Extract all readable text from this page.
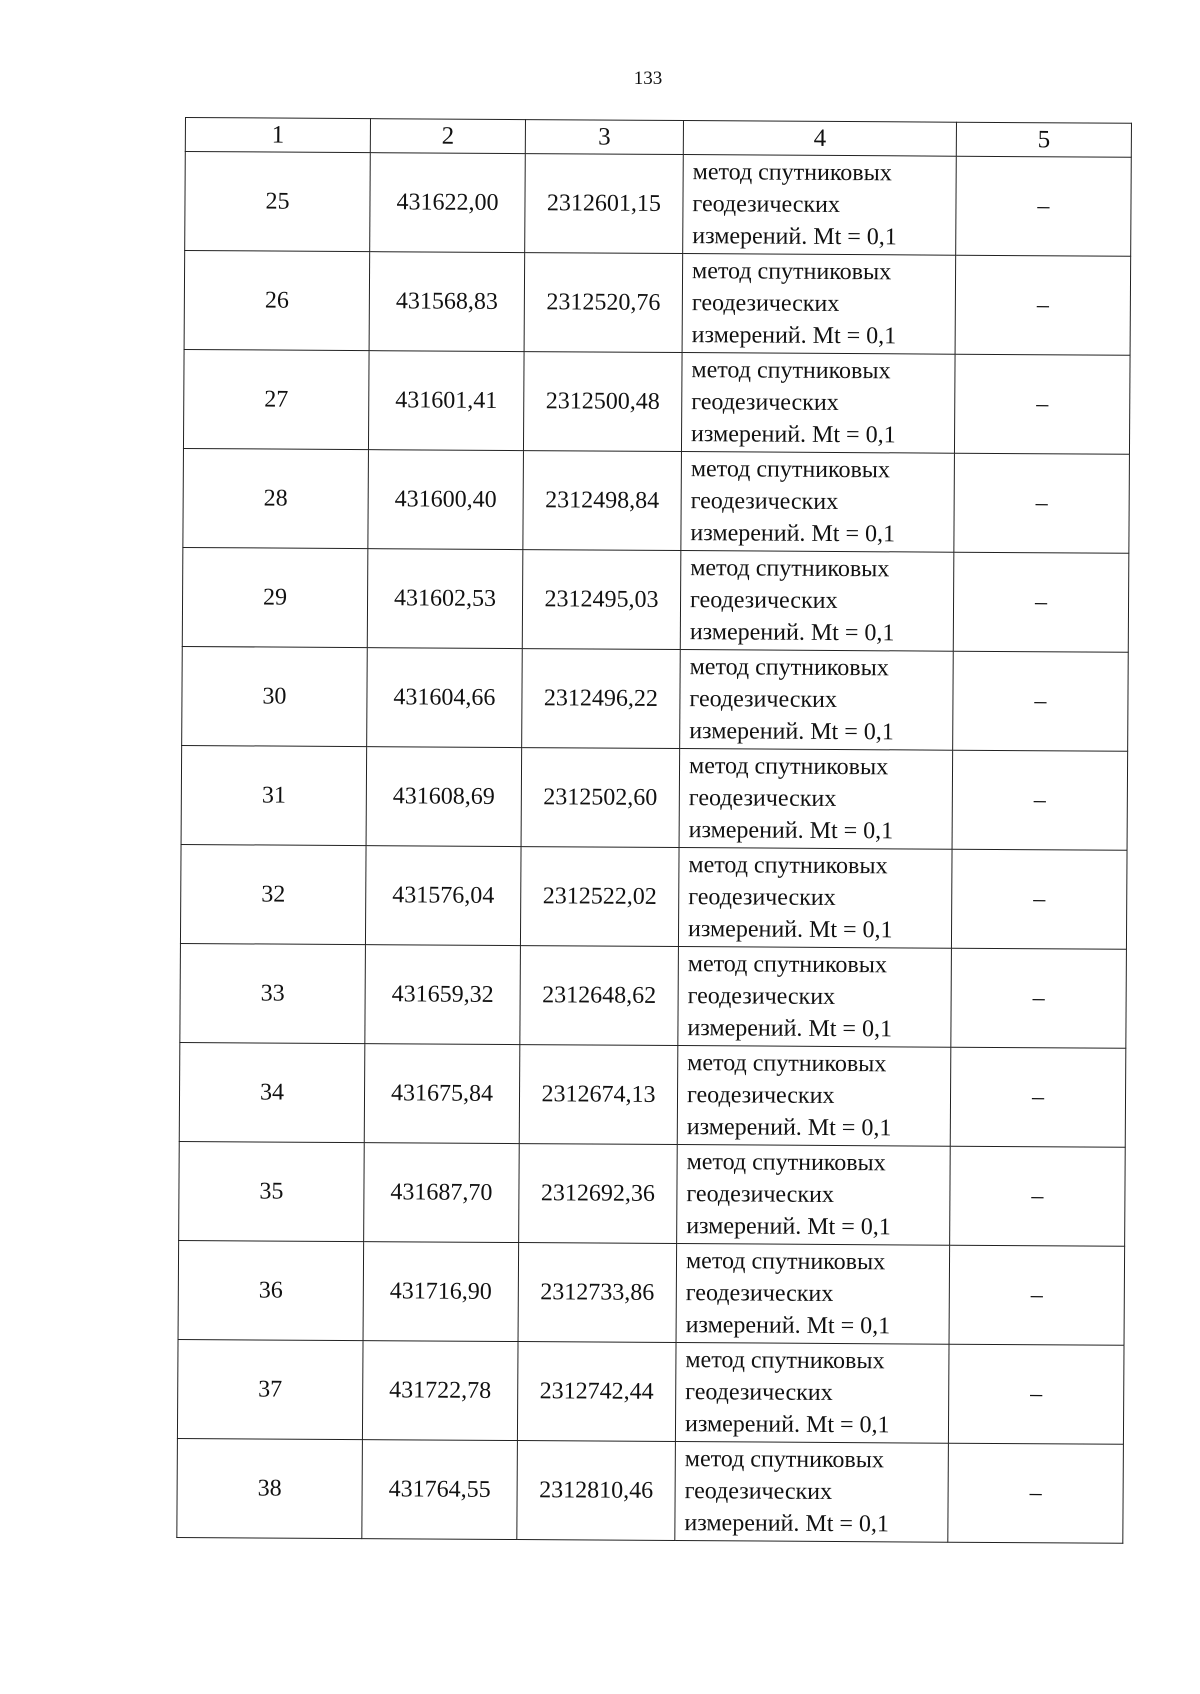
133
1	2	3	4	5
25	431622,00	2312601,15	метод спутниковых
геодезических
измерений. Mt = 0,1	–
26	431568,83	2312520,76	метод спутниковых
геодезических
измерений. Mt = 0,1	–
27	431601,41	2312500,48	метод спутниковых
геодезических
измерений. Mt = 0,1	–
28	431600,40	2312498,84	метод спутниковых
геодезических
измерений. Mt = 0,1	–
29	431602,53	2312495,03	метод спутниковых
геодезических
измерений. Mt = 0,1	–
30	431604,66	2312496,22	метод спутниковых
геодезических
измерений. Mt = 0,1	–
31	431608,69	2312502,60	метод спутниковых
геодезических
измерений. Mt = 0,1	–
32	431576,04	2312522,02	метод спутниковых
геодезических
измерений. Mt = 0,1	–
33	431659,32	2312648,62	метод спутниковых
геодезических
измерений. Mt = 0,1	–
34	431675,84	2312674,13	метод спутниковых
геодезических
измерений. Mt = 0,1	–
35	431687,70	2312692,36	метод спутниковых
геодезических
измерений. Mt = 0,1	–
36	431716,90	2312733,86	метод спутниковых
геодезических
измерений. Mt = 0,1	–
37	431722,78	2312742,44	метод спутниковых
геодезических
измерений. Mt = 0,1	–
38	431764,55	2312810,46	метод спутниковых
геодезических
измерений. Mt = 0,1	–
